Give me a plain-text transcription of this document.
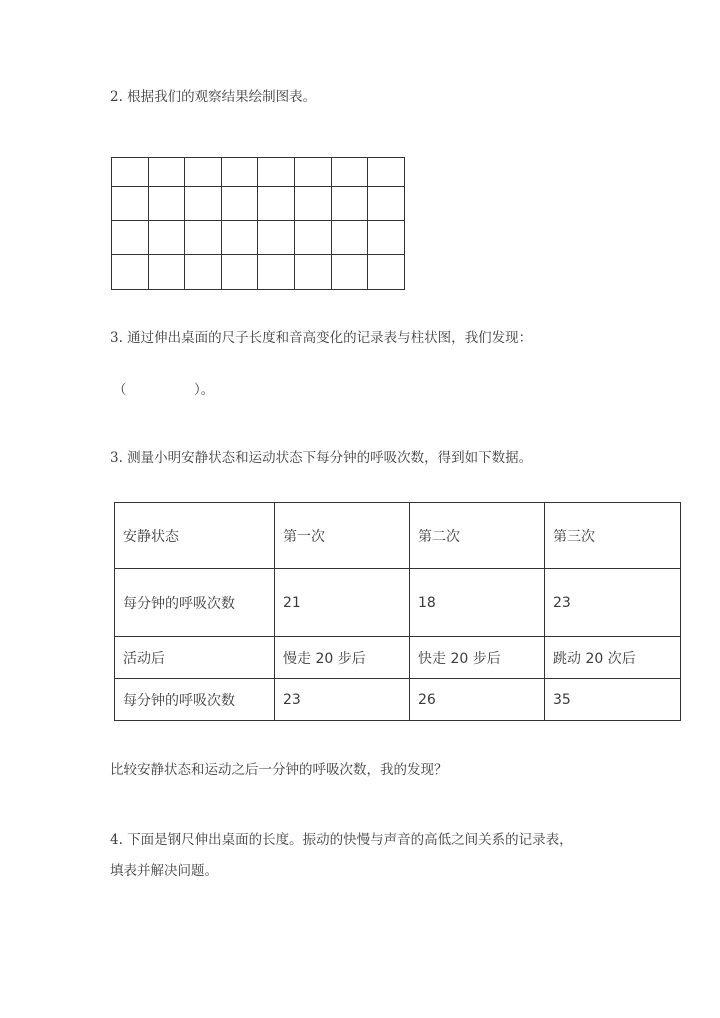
2. 根据我们的观察结果绘制图表。

3. 通过伸出桌面的尺子长度和音高变化的记录表与柱状图，我们发现：
（　　　　　）。
3. 测量小明安静状态和运动状态下每分钟的呼吸次数，得到如下数据。
安静状态	第一次	第二次	第三次
每分钟的呼吸次数	21	18	23
活动后	慢走 20 步后	快走 20 步后	跳动 20 次后
每分钟的呼吸次数	23	26	35
比较安静状态和运动之后一分钟的呼吸次数，我的发现？
4. 下面是钢尺伸出桌面的长度。振动的快慢与声音的高低之间关系的记录表，
填表并解决问题。
